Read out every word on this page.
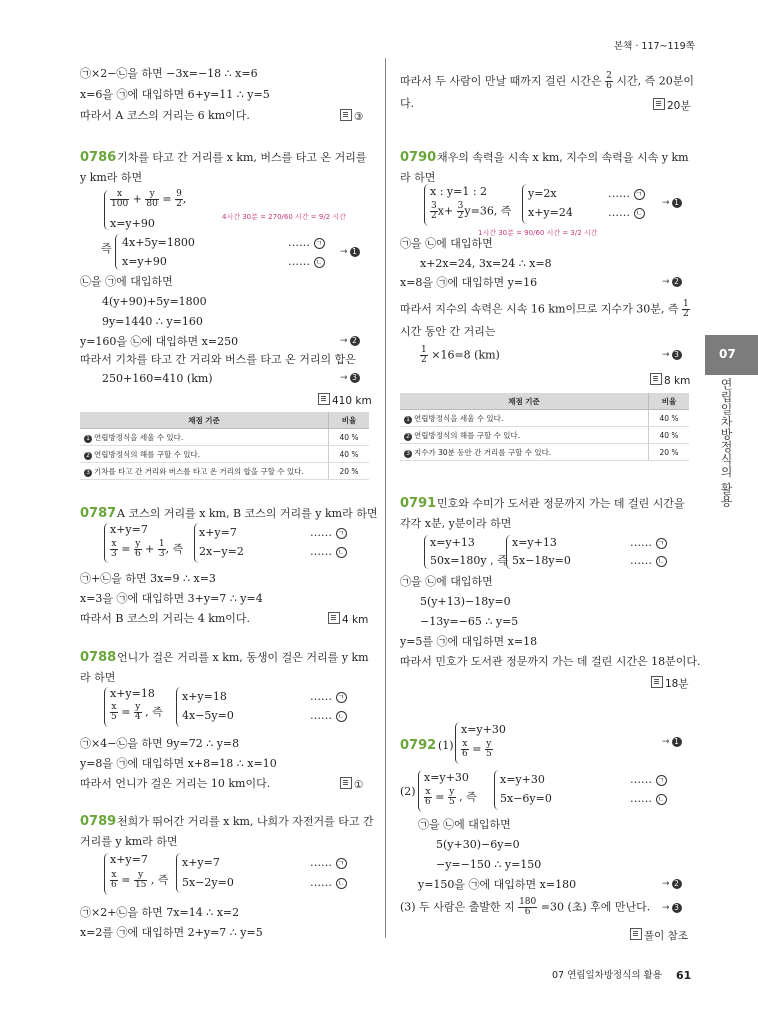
본책 · 117~119쪽
07
연립일차방정식의 활용
㉠×2−㉡을 하면 −3x=−18 ∴ x=6
x=6을 ㉠에 대입하면 6+y=11 ∴ y=5
따라서 A 코스의 거리는 6 km이다.	③
0786 기차를 타고 간 거리를 x km, 버스를 타고 온 거리를
y km라 하면
$\frac{x}{100} + \frac{y}{80} = \frac{9}{2}$ ,
4시간 30분 = 270/60 시간 = 9/2 시간
x=y+90
즉 4x+5y=1800
x=y+90
…… ㄱ
…… ㄴ
→ 1
㉡을 ㉠에 대입하면
4(y+90)+5y=1800
9y=1440 ∴ y=160
y=160을 ㉡에 대입하면 x=250	→ 2
따라서 기차를 타고 간 거리와 버스를 타고 온 거리의 합은
250+160=410 (km)	→ 3
410 km
채점 기준	비율
1 연립방정식을 세울 수 있다.	40 %
2 연립방정식의 해를 구할 수 있다.	40 %
3 기차를 타고 간 거리와 버스를 타고 온 거리의 합을 구할 수 있다.	20 %
0787 A 코스의 거리를 x km, B 코스의 거리를 y km라 하면
x+y=7
$\frac{x}{3} = \frac{y}{6} + \frac{1}{3}$ , 즉
x+y=7
2x−y=2
…… ㄱ
…… ㄴ
㉠+㉡을 하면 3x=9 ∴ x=3
x=3을 ㉠에 대입하면 3+y=7 ∴ y=4
따라서 B 코스의 거리는 4 km이다.	4 km
0788 언니가 걸은 거리를 x km, 동생이 걸은 거리를 y km
라 하면
x+y=18
$\frac{x}{5} = \frac{y}{4}$ , 즉
x+y=18
4x−5y=0
…… ㄱ
…… ㄴ
㉠×4−㉡을 하면 9y=72 ∴ y=8
y=8을 ㉠에 대입하면 x+8=18 ∴ x=10
따라서 언니가 걸은 거리는 10 km이다.	①
0789 천희가 뛰어간 거리를 x km, 나희가 자전거를 타고 간
거리를 y km라 하면
x+y=7
$\frac{x}{6} = \frac{y}{15}$ , 즉
x+y=7
5x−2y=0
…… ㄱ
…… ㄴ
㉠×2+㉡을 하면 7x=14 ∴ x=2
x=2를 ㉠에 대입하면 2+y=7 ∴ y=5
따라서 두 사람이 만날 때까지 걸린 시간은 $\frac{2}{6}$ 시간, 즉 20분이
다.	20분
0790 채우의 속력을 시속 x km, 지수의 속력을 시속 y km
라 하면
x : y=1 : 2
$\frac{3}{2} x+ \frac{3}{2} y=36$, 즉
y=2x
x+y=24
…… ㄱ
…… ㄴ
→ 1
1시간 30분 = 90/60 시간 = 3/2 시간
㉠을 ㉡에 대입하면
x+2x=24, 3x=24 ∴ x=8
x=8을 ㉠에 대입하면 y=16	→ 2
따라서 지수의 속력은 시속 16 km이므로 지수가 30분, 즉 $\frac{1}{2}$
시간 동안 간 거리는
$\frac{1}{2} \times 16=8$ (km)	→ 3
8 km
채점 기준	비율
1 연립방정식을 세울 수 있다.	40 %
2 연립방정식의 해를 구할 수 있다.	40 %
3 지수가 30분 동안 간 거리를 구할 수 있다.	20 %
0791 민호와 수미가 도서관 정문까지 가는 데 걸린 시간을
각각 x분, y분이라 하면
x=y+13
50x=180y , 즉
x=y+13
5x−18y=0
…… ㄱ
…… ㄴ
㉠을 ㉡에 대입하면
5(y+13)−18y=0
−13y=−65 ∴ y=5
y=5를 ㉠에 대입하면 x=18
따라서 민호가 도서관 정문까지 가는 데 걸린 시간은 18분이다.
18분
0792 (1)
x=y+30
$\frac{x}{6} = \frac{y}{5}$	→ 1
(2)
x=y+30
$\frac{x}{6} = \frac{y}{5}$ , 즉
x=y+30
5x−6y=0
…… ㄱ
…… ㄴ
㉠을 ㉡에 대입하면
5(y+30)−6y=0
−y=−150 ∴ y=150
y=150을 ㉠에 대입하면 x=180	→ 2
(3) 두 사람은 출발한 지 $\frac{180}{6} =30$ (초) 후에 만난다. → 3
풀이 참조
07 연립일차방정식의 활용 61
